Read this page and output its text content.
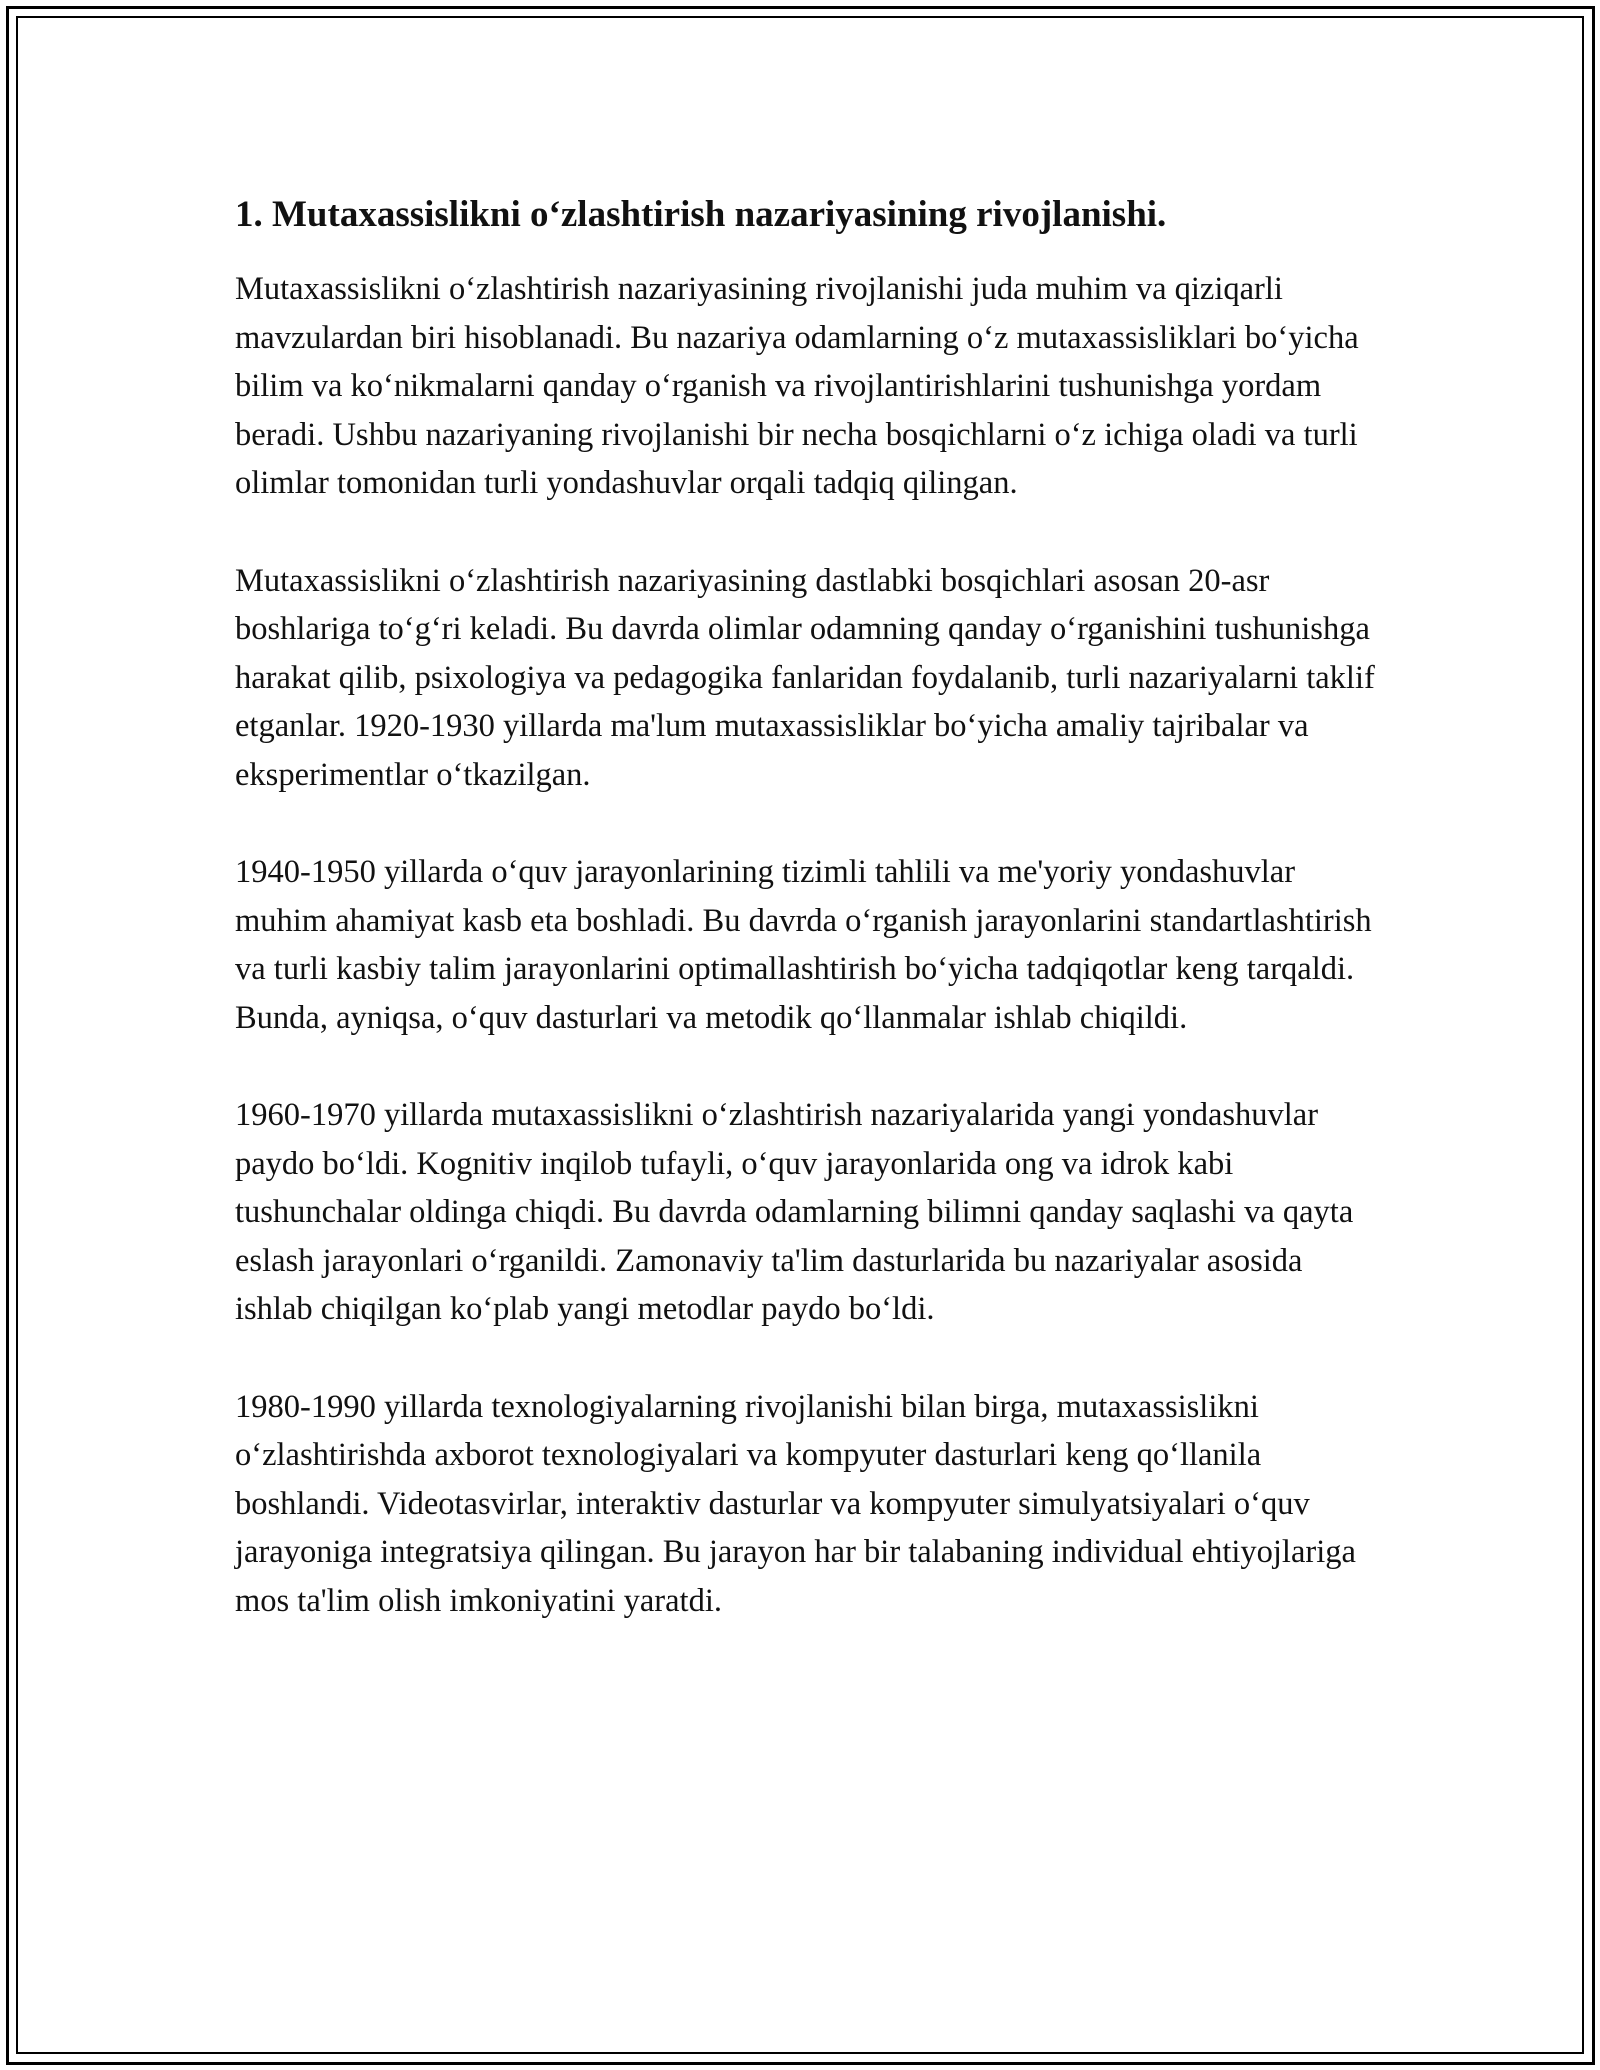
1. Mutaxassislikni o‘zlashtirish nazariyasining rivojlanishi.

Mutaxassislikni o‘zlashtirish nazariyasining rivojlanishi juda muhim va qiziqarli mavzulardan biri hisoblanadi. Bu nazariya odamlarning o‘z mutaxassisliklari bo‘yicha bilim va ko‘nikmalarni qanday o‘rganish va rivojlantirishlarini tushunishga yordam beradi. Ushbu nazariyaning rivojlanishi bir necha bosqichlarni o‘z ichiga oladi va turli olimlar tomonidan turli yondashuvlar orqali tadqiq qilingan.

Mutaxassislikni o‘zlashtirish nazariyasining dastlabki bosqichlari asosan 20-asr boshlariga to‘g‘ri keladi. Bu davrda olimlar odamning qanday o‘rganishini tushunishga harakat qilib, psixologiya va pedagogika fanlaridan foydalanib, turli nazariyalarni taklif etganlar. 1920-1930 yillarda ma'lum mutaxassisliklar bo‘yicha amaliy tajribalar va eksperimentlar o‘tkazilgan.

1940-1950 yillarda o‘quv jarayonlarining tizimli tahlili va me'yoriy yondashuvlar muhim ahamiyat kasb eta boshladi. Bu davrda o‘rganish jarayonlarini standartlashtirish va turli kasbiy talim jarayonlarini optimallashtirish bo‘yicha tadqiqotlar keng tarqaldi. Bunda, ayniqsa, o‘quv dasturlari va metodik qo‘llanmalar ishlab chiqildi.

1960-1970 yillarda mutaxassislikni o‘zlashtirish nazariyalarida yangi yondashuvlar paydo bo‘ldi. Kognitiv inqilob tufayli, o‘quv jarayonlarida ong va idrok kabi tushunchalar oldinga chiqdi. Bu davrda odamlarning bilimni qanday saqlashi va qayta eslash jarayonlari o‘rganildi. Zamonaviy ta'lim dasturlarida bu nazariyalar asosida ishlab chiqilgan ko‘plab yangi metodlar paydo bo‘ldi.

1980-1990 yillarda texnologiyalarning rivojlanishi bilan birga, mutaxassislikni o‘zlashtirishda axborot texnologiyalari va kompyuter dasturlari keng qo‘llanila boshlandi. Videotasvirlar, interaktiv dasturlar va kompyuter simulyatsiyalari o‘quv jarayoniga integratsiya qilingan. Bu jarayon har bir talabaning individual ehtiyojlariga mos ta'lim olish imkoniyatini yaratdi.
